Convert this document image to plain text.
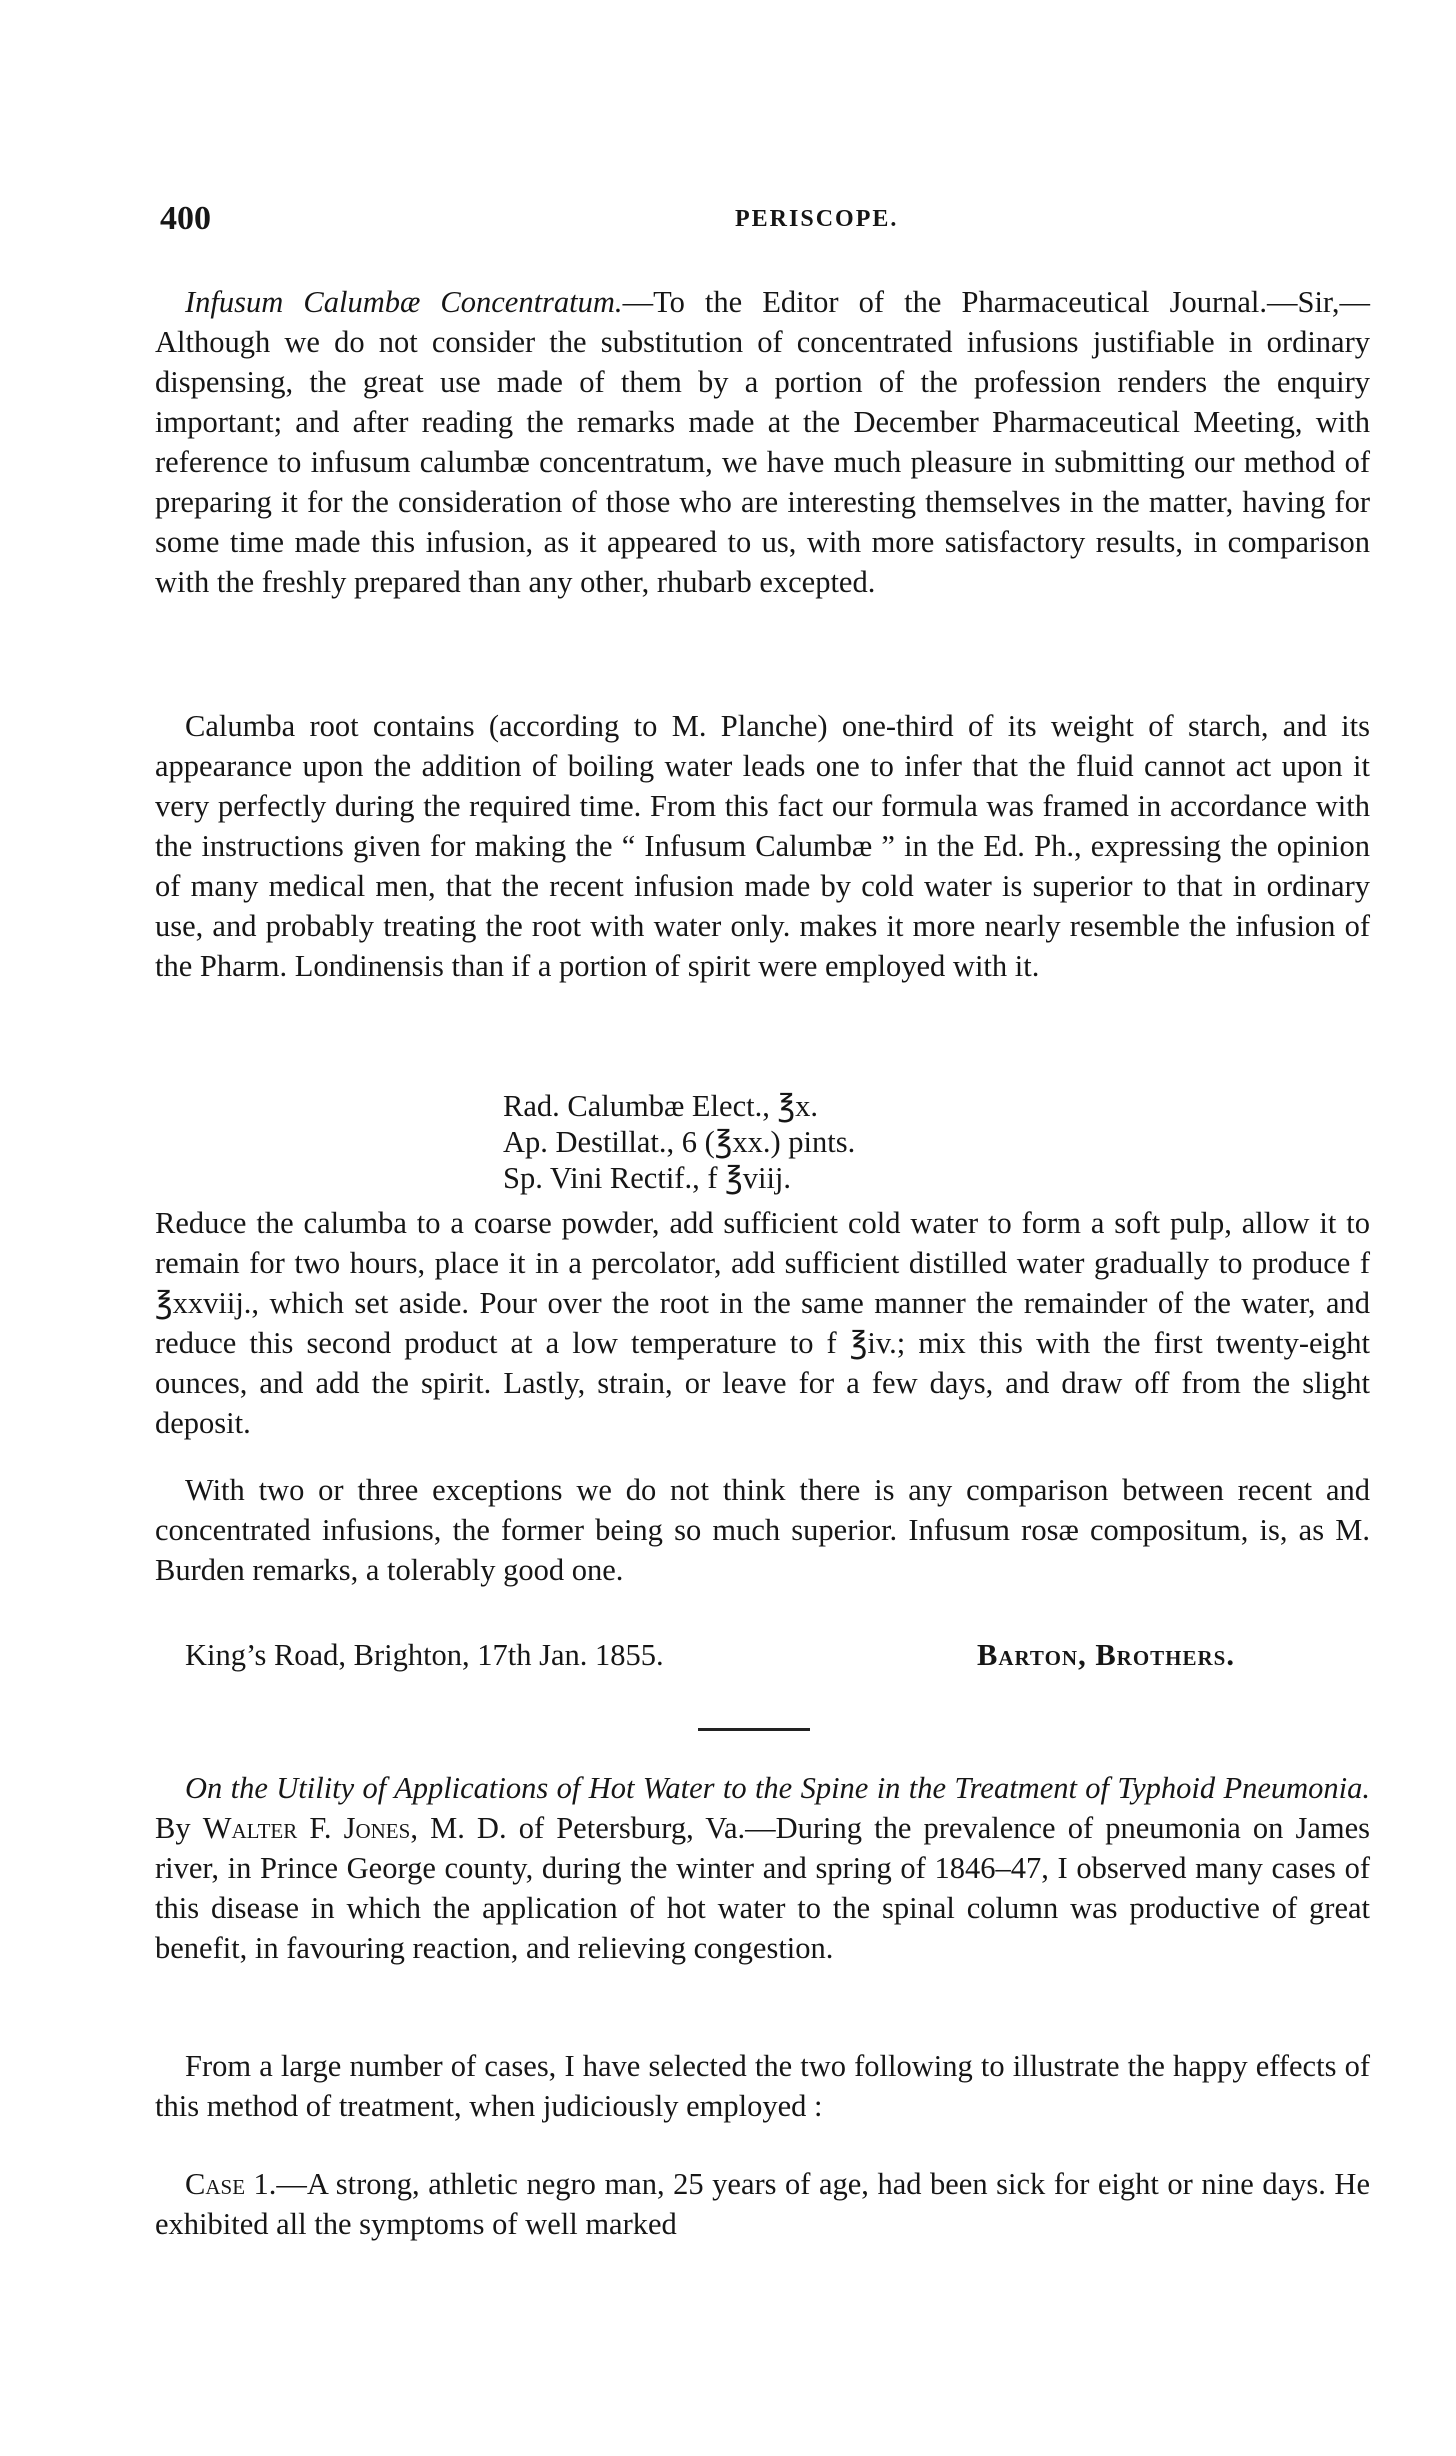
400	PERISCOPE.

Infusum Calumbæ Concentratum.—To the Editor of the Pharmaceutical Journal.—Sir,—Although we do not consider the substitution of concentrated infusions justifiable in ordinary dispensing, the great use made of them by a portion of the profession renders the enquiry important; and after reading the remarks made at the December Pharmaceutical Meeting, with reference to infusum calumbæ concentratum, we have much pleasure in submitting our method of preparing it for the consideration of those who are interesting themselves in the matter, having for some time made this infusion, as it appeared to us, with more satisfactory results, in comparison with the freshly prepared than any other, rhubarb excepted.

Calumba root contains (according to M. Planche) one-third of its weight of starch, and its appearance upon the addition of boiling water leads one to infer that the fluid cannot act upon it very perfectly during the required time. From this fact our formula was framed in accordance with the instructions given for making the “ Infusum Calumbæ ” in the Ed. Ph., expressing the opinion of many medical men, that the recent infusion made by cold water is superior to that in ordinary use, and probably treating the root with water only. makes it more nearly resemble the infusion of the Pharm. Londinensis than if a portion of spirit were employed with it.

Rad. Calumbæ Elect., ℥x.
Ap. Destillat., 6 (℥xx.) pints.
Sp. Vini Rectif., f ℥viij.

Reduce the calumba to a coarse powder, add sufficient cold water to form a soft pulp, allow it to remain for two hours, place it in a percolator, add sufficient distilled water gradually to produce f ℥xxviij., which set aside. Pour over the root in the same manner the remainder of the water, and reduce this second product at a low temperature to f ℥iv.; mix this with the first twenty-eight ounces, and add the spirit. Lastly, strain, or leave for a few days, and draw off from the slight deposit.

With two or three exceptions we do not think there is any comparison between recent and concentrated infusions, the former being so much superior. Infusum rosæ compositum, is, as M. Burden remarks, a tolerably good one.

King’s Road, Brighton, 17th Jan. 1855.	Barton, Brothers.

On the Utility of Applications of Hot Water to the Spine in the Treatment of Typhoid Pneumonia. By Walter F. Jones, M. D. of Petersburg, Va.—During the prevalence of pneumonia on James river, in Prince George county, during the winter and spring of 1846–47, I observed many cases of this disease in which the application of hot water to the spinal column was productive of great benefit, in favouring reaction, and relieving congestion.

From a large number of cases, I have selected the two following to illustrate the happy effects of this method of treatment, when judiciously employed :

Case 1.—A strong, athletic negro man, 25 years of age, had been sick for eight or nine days. He exhibited all the symptoms of well marked
